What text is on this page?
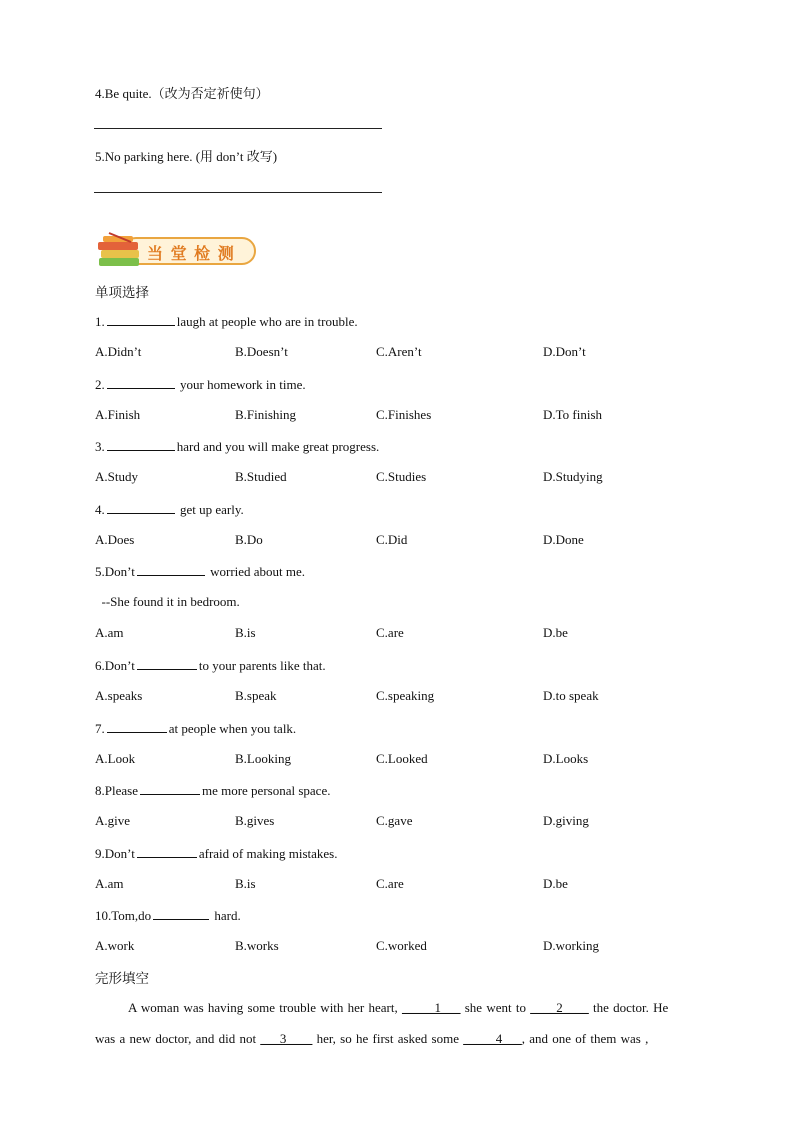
4.Be quite.（改为否定祈使句）
5.No parking here. (用 don’t 改写)
当 堂 检 测
单项选择
1.	laugh at people who are in trouble.
A.Didn’t	B.Doesn’t	C.Aren’t	D.Don’t
2.	your homework in time.
A.Finish	B.Finishing	C.Finishes	D.To finish
3.	hard and you will make great progress.
A.Study	B.Studied	C.Studies	D.Studying
4.	get up early.
A.Does	B.Do	C.Did	D.Done
5.Don’t	worried about me.
--She found it in bedroom.
A.am	B.is	C.are	D.be
6.Don’t	to your parents like that.
A.speaks	B.speak	C.speaking	D.to speak
7.	at people when you talk.
A.Look	B.Looking	C.Looked	D.Looks
8.Please	me more personal space.
A.give	B.gives	C.gave	D.giving
9.Don’t	afraid of making mistakes.
A.am	B.is	C.are	D.be
10.Tom,do	hard.
A.work	B.works	C.worked	D.working
完形填空
A woman was having some trouble with her heart, _____1___ she went to ____2____ the doctor. He
was a new doctor, and did not ___3____ her, so he first asked some _____4___, and one of them was ,
